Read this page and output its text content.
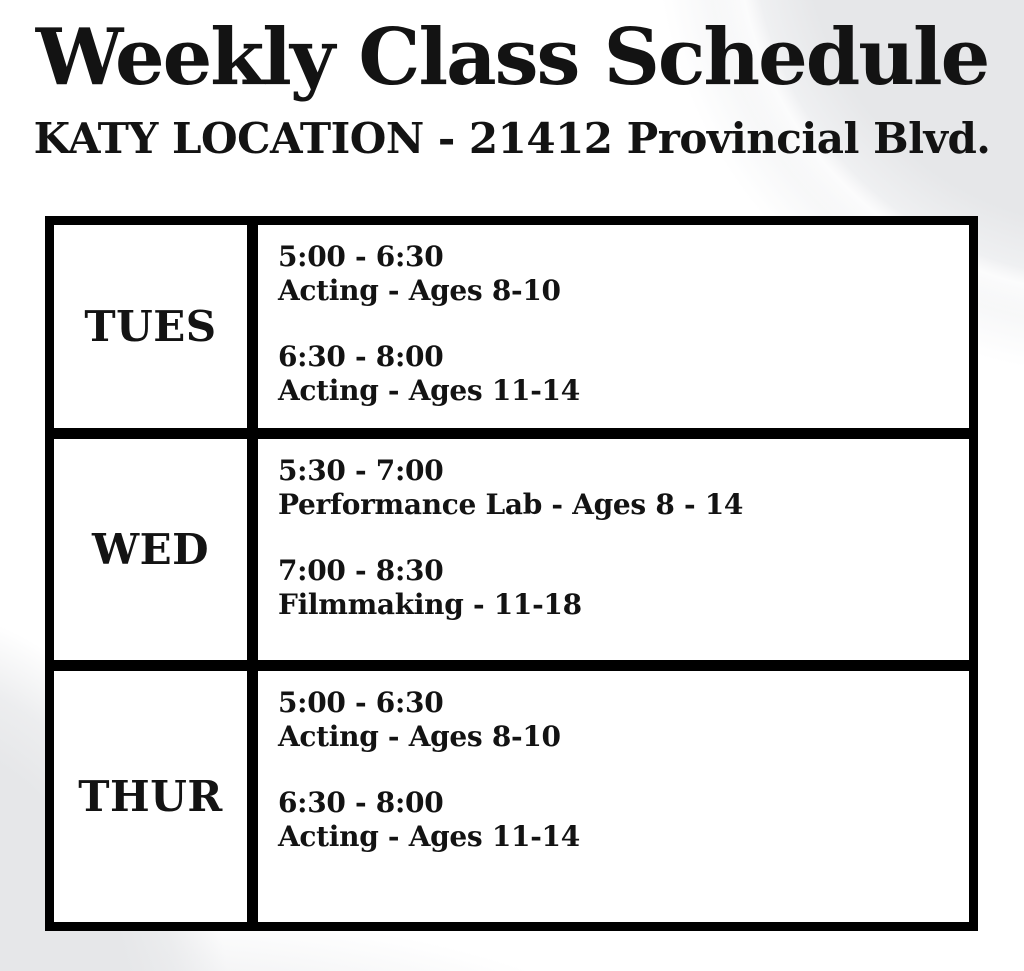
Weekly Class Schedule
KATY LOCATION - 21412 Provincial Blvd.
TUES
5:00 - 6:30
Acting - Ages 8-10
6:30 - 8:00
Acting - Ages 11-14
WED
5:30 - 7:00
Performance Lab - Ages 8 - 14
7:00 - 8:30
Filmmaking - 11-18
THUR
5:00 - 6:30
Acting - Ages 8-10
6:30 - 8:00
Acting - Ages 11-14
